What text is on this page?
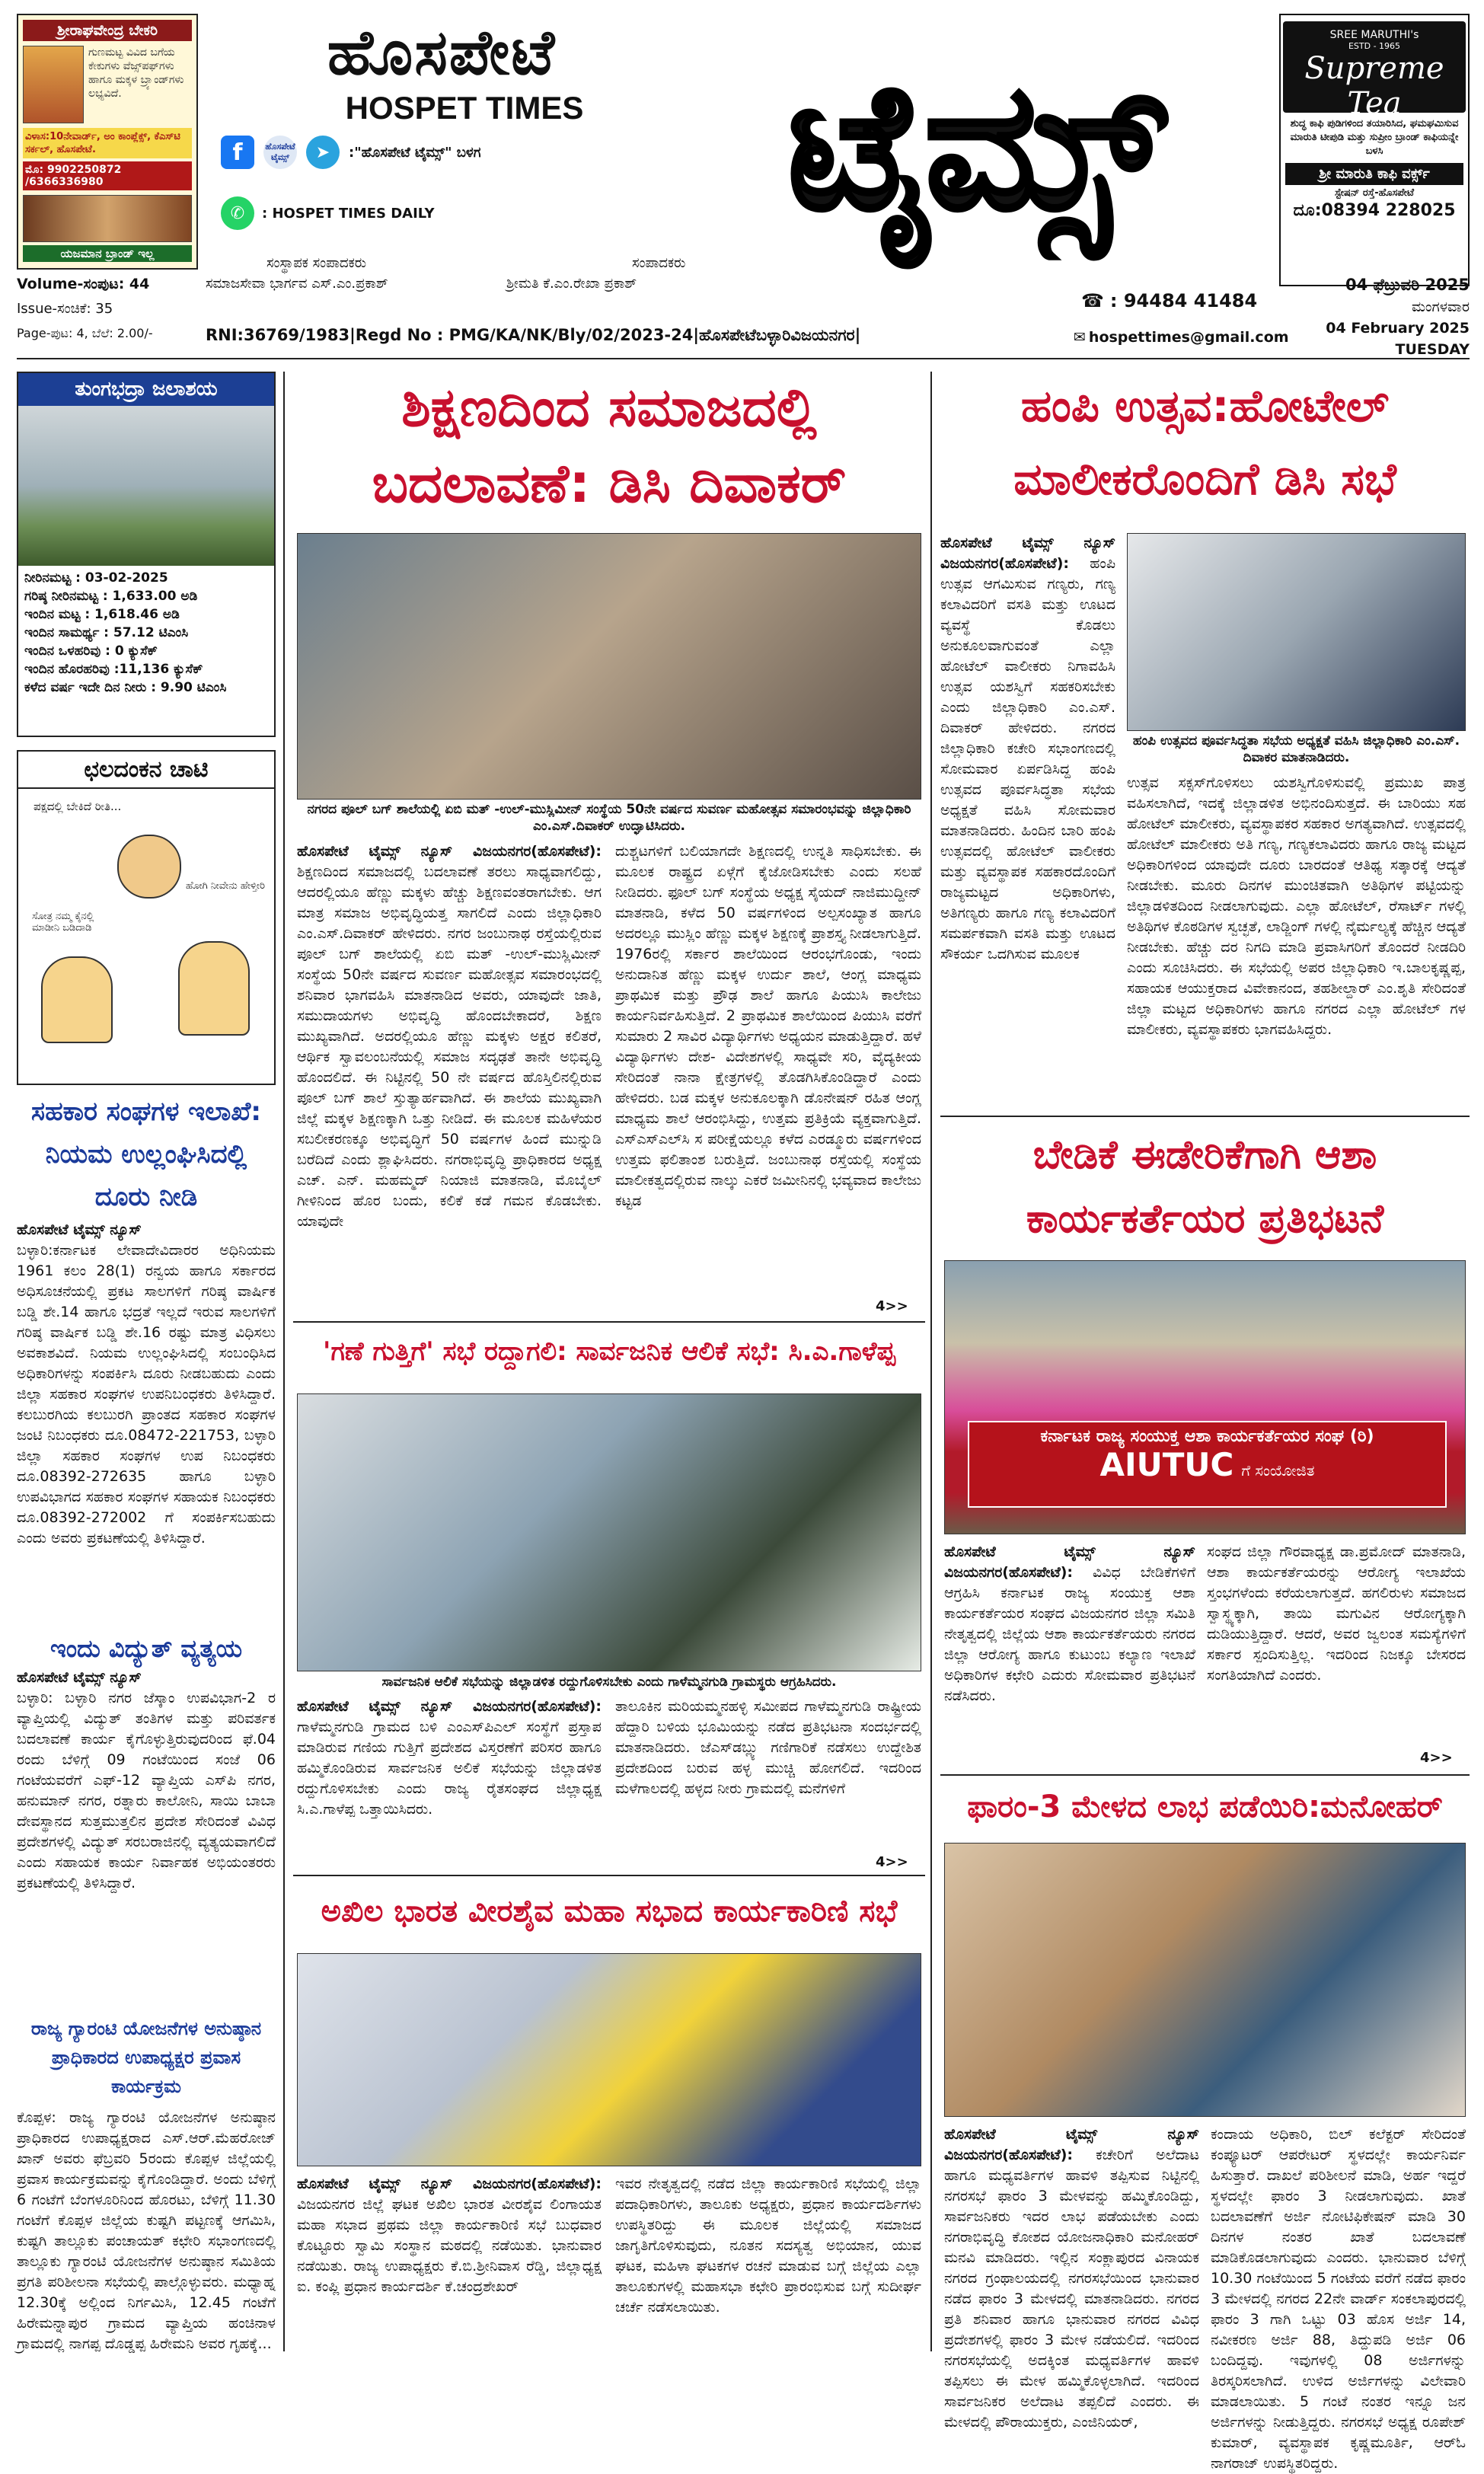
ಶ್ರೀರಾಘವೇಂದ್ರ ಬೇಕರಿ
ಗುಣಮಟ್ಟ ವಿವಿದ ಬಗೆಯ ಕೇಕುಗಳು ವೆಜ್ಸ್‌ಪಫ್‌ಗಳು ಹಾಗೂ ಮಕ್ಕಳ ಬ್ರ್ಯಾಂಡ್‌ಗಳು ಲಭ್ಯವಿದೆ.
ವಿಳಾಸ:10ನೇವಾರ್ಡ್, ಅಂ ಕಾಂಪ್ಲೆಕ್ಸ್, ಕೆಎಸ್‌ಟಿ ಸರ್ಕಲ್, ಹೊಸಪೇಟೆ.
ಮೊ: 9902250872 /6366336980
ಯಜಮಾನ ಬ್ರಾಂಡ್ ಇಲ್ಲ
ಹೊಸಪೇಟೆ
HOSPET TIMES
f	ಹೊಸಪೇಟೆ ಟೈಮ್ಸ್	➤	:"ಹೊಸಪೇಟೆ ಟೈಮ್ಸ್" ಬಳಗ
✆	: HOSPET TIMES DAILY	ಟೈಮ್ಸ್
ಸಂಸ್ಥಾಪಕ ಸಂಪಾದಕರು	ಸಂಪಾದಕರು
SREE MARUTHI's
ESTD - 1965
Supreme Tea
ಶುದ್ಧ ಕಾಫಿ ಪುಡಿಗಳಿಂದ ತಯಾರಿಸಿದ, ಘಮಘಮಿಸುವ ಮಾರುತಿ ಟೀಪುಡಿ ಮತ್ತು ಸುಪ್ರೀಂ ಬ್ರಾಂಡ್ ಕಾಫಿಯನ್ನೇ ಬಳಸಿ
ಶ್ರೀ ಮಾರುತಿ ಕಾಫಿ ವರ್ಕ್ಸ್
ಸ್ಟೇಷನ್ ರಸ್ತೆ-ಹೊಸಪೇಟೆ
ದೂ:08394 228025
Volume-ಸಂಪುಟ: 44	ಸಮಾಜಸೇವಾ ಭಾರ್ಗವ ಎಸ್.ಎಂ.ಪ್ರಕಾಶ್	ಶ್ರೀಮತಿ ಕೆ.ಎಂ.ರೇಖಾ ಪ್ರಕಾಶ್
☎ : 94484 41484
04 ಫೆಬ್ರುವರಿ 2025
ಮಂಗಳವಾರ
Issue-ಸಂಚಿಕೆ: 35
04 February 2025
Page-ಪುಟ: 4, ಬೆಲೆ: 2.00/-	RNI:36769/1983|Regd No : PMG/KA/NK/Bly/02/2023-24|ಹೊಸಪೇಟೆಬಳ್ಳಾರಿವಿಜಯನಗರ|	✉ hospettimes@gmail.com
TUESDAY
ತುಂಗಭದ್ರಾ ಜಲಾಶಯ
ನೀರಿನಮಟ್ಟ : 03-02-2025
ಗರಿಷ್ಠ ನೀರಿನಮಟ್ಟ : 1,633.00 ಅಡಿ
ಇಂದಿನ ಮಟ್ಟ : 1,618.46 ಅಡಿ
ಇಂದಿನ ಸಾಮರ್ಥ್ಯ : 57.12 ಟಿಎಂಸಿ
ಇಂದಿನ ಒಳಹರಿವು : 0 ಕ್ಯುಸೆಕ್
ಇಂದಿನ ಹೊರಹರಿವು :11,136 ಕ್ಯುಸೆಕ್
ಕಳೆದ ವರ್ಷ ಇದೇ ದಿನ ನೀರು : 9.90 ಟಿಎಂಸಿ
ಛಲದಂಕನ ಚಾಟಿ
ಪಕ್ಷದಲ್ಲಿ ಬೇಕಿದೆ ರೀತಿ...
ಸೋತ್ರ ನಮ್ಮ ಕೈನಲ್ಲಿ ಮಾಡೀನಿ ಬಡಿದಾಡಿ
ಹೋಗಿ ನೀವೇನು ಹೇಳ್ತೀರಿ
ಸಹಕಾರ ಸಂಘಗಳ ಇಲಾಖೆ: ನಿಯಮ ಉಲ್ಲಂಘಿಸಿದಲ್ಲಿ ದೂರು ನೀಡಿ
ಹೊಸಪೇಟೆ ಟೈಮ್ಸ್ ನ್ಯೂಸ್
ಬಳ್ಳಾರಿ:ಕರ್ನಾಟಕ ಲೇವಾದೇವಿದಾರರ ಅಧಿನಿಯಮ 1961 ಕಲಂ 28(1) ರನ್ವಯ ಹಾಗೂ ಸರ್ಕಾರದ ಅಧಿಸೂಚನೆಯಲ್ಲಿ ಪ್ರಕಟ ಸಾಲಗಳಿಗೆ ಗರಿಷ್ಠ ವಾರ್ಷಿಕ ಬಡ್ಡಿ ಶೇ.14 ಹಾಗೂ ಭದ್ರತೆ ಇಲ್ಲದೆ ಇರುವ ಸಾಲಗಳಿಗೆ ಗರಿಷ್ಠ ವಾರ್ಷಿಕ ಬಡ್ಡಿ ಶೇ.16 ರಷ್ಟು ಮಾತ್ರ ವಿಧಿಸಲು ಅವಕಾಶವಿದೆ. ನಿಯಮ ಉಲ್ಲಂಘಿಸಿದಲ್ಲಿ ಸಂಬಂಧಿಸಿದ ಅಧಿಕಾರಿಗಳನ್ನು ಸಂಪರ್ಕಿಸಿ ದೂರು ನೀಡಬಹುದು ಎಂದು ಜಿಲ್ಲಾ ಸಹಕಾರ ಸಂಘಗಳ ಉಪನಿಬಂಧಕರು ತಿಳಿಸಿದ್ದಾರೆ. ಕಲಬುರಗಿಯ ಕಲಬುರಗಿ ಪ್ರಾಂತದ ಸಹಕಾರ ಸಂಘಗಳ ಜಂಟಿ ನಿಬಂಧಕರು ದೂ.08472-221753, ಬಳ್ಳಾರಿ ಜಿಲ್ಲಾ ಸಹಕಾರ ಸಂಘಗಳ ಉಪ ನಿಬಂಧಕರು ದೂ.08392-272635 ಹಾಗೂ ಬಳ್ಳಾರಿ ಉಪವಿಭಾಗದ ಸಹಕಾರ ಸಂಘಗಳ ಸಹಾಯಕ ನಿಬಂಧಕರು ದೂ.08392-272002 ಗೆ ಸಂಪರ್ಕಿಸಬಹುದು ಎಂದು ಅವರು ಪ್ರಕಟಣೆಯಲ್ಲಿ ತಿಳಿಸಿದ್ದಾರೆ.
ಇಂದು ವಿದ್ಯುತ್ ವ್ಯತ್ಯಯ
ಹೊಸಪೇಟೆ ಟೈಮ್ಸ್ ನ್ಯೂಸ್
ಬಳ್ಳಾರಿ: ಬಳ್ಳಾರಿ ನಗರ ಜೆಸ್ಕಾಂ ಉಪವಿಭಾಗ-2 ರ ವ್ಯಾಪ್ತಿಯಲ್ಲಿ ವಿದ್ಯುತ್ ತಂತಿಗಳ ಮತ್ತು ಪರಿವರ್ತಕ ಬದಲಾವಣೆ ಕಾರ್ಯ ಕೈಗೊಳ್ಳುತ್ತಿರುವುದರಿಂದ ಫೆ.04 ರಂದು ಬೆಳಿಗ್ಗೆ 09 ಗಂಟೆಯಿಂದ ಸಂಜೆ 06 ಗಂಟೆಯವರೆಗೆ ಎಫ್-12 ವ್ಯಾಪ್ತಿಯ ಎಸ್‌ಪಿ ನಗರ, ಹನುಮಾನ್ ನಗರ, ರತ್ನಾರು ಕಾಲೋನಿ, ಸಾಯಿ ಬಾಬಾ ದೇವಸ್ಥಾನದ ಸುತ್ತಮುತ್ತಲಿನ ಪ್ರದೇಶ ಸೇರಿದಂತೆ ವಿವಿಧ ಪ್ರದೇಶಗಳಲ್ಲಿ ವಿದ್ಯುತ್ ಸರಬರಾಜಿನಲ್ಲಿ ವ್ಯತ್ಯಯವಾಗಲಿದೆ ಎಂದು ಸಹಾಯಕ ಕಾರ್ಯ ನಿರ್ವಾಹಕ ಅಭಿಯಂತರರು ಪ್ರಕಟಣೆಯಲ್ಲಿ ತಿಳಿಸಿದ್ದಾರೆ.
ರಾಜ್ಯ ಗ್ಯಾರಂಟಿ ಯೋಜನೆಗಳ ಅನುಷ್ಠಾನ ಪ್ರಾಧಿಕಾರದ ಉಪಾಧ್ಯಕ್ಷರ ಪ್ರವಾಸ ಕಾರ್ಯಕ್ರಮ
ಕೊಪ್ಪಳ: ರಾಜ್ಯ ಗ್ಯಾರಂಟಿ ಯೋಜನೆಗಳ ಅನುಷ್ಠಾನ ಪ್ರಾಧಿಕಾರದ ಉಪಾಧ್ಯಕ್ಷರಾದ ಎಸ್.ಆರ್.ಮೆಹರೋಜ್ ಖಾನ್ ಅವರು ಫೆಬ್ರವರಿ 5ರಂದು ಕೊಪ್ಪಳ ಜಿಲ್ಲೆಯಲ್ಲಿ ಪ್ರವಾಸ ಕಾರ್ಯಕ್ರಮವನ್ನು ಕೈಗೊಂಡಿದ್ದಾರೆ. ಅಂದು ಬೆಳಿಗ್ಗೆ 6 ಗಂಟೆಗೆ ಬೆಂಗಳೂರಿನಿಂದ ಹೊರಟು, ಬೆಳಿಗ್ಗೆ 11.30 ಗಂಟೆಗೆ ಕೊಪ್ಪಳ ಜಿಲ್ಲೆಯ ಕುಷ್ಟಗಿ ಪಟ್ಟಣಕ್ಕೆ ಆಗಮಿಸಿ, ಕುಷ್ಟಗಿ ತಾಲ್ಲೂಕು ಪಂಚಾಯತ್ ಕಛೇರಿ ಸಭಾಂಗಣದಲ್ಲಿ ತಾಲ್ಲೂಕು ಗ್ಯಾರಂಟಿ ಯೋಜನೆಗಳ ಅನುಷ್ಠಾನ ಸಮಿತಿಯ ಪ್ರಗತಿ ಪರಿಶೀಲನಾ ಸಭೆಯಲ್ಲಿ ಪಾಲ್ಗೊಳ್ಳುವರು. ಮಧ್ಯಾಹ್ನ 12.30ಕ್ಕೆ ಅಲ್ಲಿಂದ ನಿರ್ಗಮಿಸಿ, 12.45 ಗಂಟೆಗೆ ಹಿರೇಮನ್ನಾಪುರ ಗ್ರಾಮದ ವ್ಯಾಪ್ತಿಯ ಹಂಚಿನಾಳ ಗ್ರಾಮದಲ್ಲಿ ನಾಗಪ್ಪ ದೊಡ್ಡಪ್ಪ ಹಿರೇಮನಿ ಅವರ ಗೃಹಕ್ಕೆ...
ಶಿಕ್ಷಣದಿಂದ ಸಮಾಜದಲ್ಲಿ ಬದಲಾವಣೆ: ಡಿಸಿ ದಿವಾಕರ್
ನಗರದ ಪೂಲ್ ಬಗ್ ಶಾಲೆಯಲ್ಲಿ ಏಬಿ ಮತ್ -ಉಲ್-ಮುಸ್ಲಿಮೀನ್ ಸಂಸ್ಥೆಯ 50ನೇ ವರ್ಷದ ಸುವರ್ಣ ಮಹೋತ್ಸವ ಸಮಾರಂಭವನ್ನು ಜಿಲ್ಲಾಧಿಕಾರಿ ಎಂ.ಎಸ್.ದಿವಾಕರ್ ಉದ್ಘಾಟಿಸಿದರು.
ಹೊಸಪೇಟೆ ಟೈಮ್ಸ್ ನ್ಯೂಸ್ ವಿಜಯನಗರ(ಹೊಸಪೇಟೆ): ಶಿಕ್ಷಣದಿಂದ ಸಮಾಜದಲ್ಲಿ ಬದಲಾವಣೆ ತರಲು ಸಾಧ್ಯವಾಗಲಿದ್ದು, ಆದರಲ್ಲಿಯೂ ಹೆಣ್ಣು ಮಕ್ಕಳು ಹೆಚ್ಚು ಶಿಕ್ಷಣವಂತರಾಗಬೇಕು. ಆಗ ಮಾತ್ರ ಸಮಾಜ ಅಭಿವೃದ್ಧಿಯತ್ತ ಸಾಗಲಿದೆ ಎಂದು ಜಿಲ್ಲಾಧಿಕಾರಿ ಎಂ.ಎಸ್.ದಿವಾಕರ್ ಹೇಳಿದರು. ನಗರ ಜಂಬುನಾಥ ರಸ್ತೆಯಲ್ಲಿರುವ ಪೂಲ್ ಬಗ್ ಶಾಲೆಯಲ್ಲಿ ಏಬಿ ಮತ್ -ಉಲ್-ಮುಸ್ಲಿಮೀನ್ ಸಂಸ್ಥೆಯ 50ನೇ ವರ್ಷದ ಸುವರ್ಣ ಮಹೋತ್ಸವ ಸಮಾರಂಭದಲ್ಲಿ ಶನಿವಾರ ಭಾಗವಹಿಸಿ ಮಾತನಾಡಿದ ಅವರು, ಯಾವುದೇ ಜಾತಿ, ಸಮುದಾಯಗಳು ಅಭಿವೃದ್ಧಿ ಹೊಂದಬೇಕಾದರೆ, ಶಿಕ್ಷಣ ಮುಖ್ಯವಾಗಿದೆ. ಅದರಲ್ಲಿಯೂ ಹೆಣ್ಣು ಮಕ್ಕಳು ಅಕ್ಷರ ಕಲಿತರೆ, ಆರ್ಥಿಕ ಸ್ವಾವಲಂಬನೆಯಲ್ಲಿ ಸಮಾಜ ಸದೃಢತೆ ತಾನೇ ಅಭಿವೃದ್ಧಿ ಹೊಂದಲಿದೆ. ಈ ನಿಟ್ಟಿನಲ್ಲಿ 50 ನೇ ವರ್ಷದ ಹೊಸ್ತಿಲಿನಲ್ಲಿರುವ ಪೂಲ್ ಬಗ್ ಶಾಲೆ ಸ್ತುತ್ಯಾರ್ಹವಾಗಿದೆ. ಈ ಶಾಲೆಯ ಮುಖ್ಯವಾಗಿ ಜಿಲ್ಲೆ ಮಕ್ಕಳ ಶಿಕ್ಷಣಕ್ಕಾಗಿ ಒತ್ತು ನೀಡಿದೆ. ಈ ಮೂಲಕ ಮಹಿಳೆಯರ ಸಬಲೀಕರಣಕ್ಕೂ ಅಭಿವೃದ್ಧಿಗೆ 50 ವರ್ಷಗಳ ಹಿಂದೆ ಮುನ್ನುಡಿ ಬರೆದಿದೆ ಎಂದು ಶ್ಲಾಘಿಸಿದರು. ನಗರಾಭಿವೃದ್ಧಿ ಪ್ರಾಧಿಕಾರದ ಅಧ್ಯಕ್ಷ ಎಚ್. ಎನ್. ಮಹಮ್ಮದ್ ನಿಯಾಜಿ ಮಾತನಾಡಿ, ಮೊಬೈಲ್ ಗೀಳಿನಿಂದ ಹೊರ ಬಂದು, ಕಲಿಕೆ ಕಡೆ ಗಮನ ಕೊಡಬೇಕು. ಯಾವುದೇ
ದುಶ್ಚಟಗಳಿಗೆ ಬಲಿಯಾಗದೇ ಶಿಕ್ಷಣದಲ್ಲಿ ಉನ್ನತಿ ಸಾಧಿಸಬೇಕು. ಈ ಮೂಲಕ ರಾಷ್ಟ್ರದ ಏಳ್ಗೆಗೆ ಕೈಜೋಡಿಸಬೇಕು ಎಂದು ಸಲಹೆ ನೀಡಿದರು. ಫೂಲ್ ಬಗ್ ಸಂಸ್ಥೆಯ ಅಧ್ಯಕ್ಷ ಸೈಯದ್ ನಾಜಿಮುದ್ದೀನ್ ಮಾತನಾಡಿ, ಕಳೆದ 50 ವರ್ಷಗಳಿಂದ ಅಲ್ಪಸಂಖ್ಯಾತ ಹಾಗೂ ಅದರಲ್ಲೂ ಮುಸ್ಲಿಂ ಹೆಣ್ಣು ಮಕ್ಕಳ ಶಿಕ್ಷಣಕ್ಕೆ ಪ್ರಾಶಸ್ತ್ಯ ನೀಡಲಾಗುತ್ತಿದೆ. 1976ರಲ್ಲಿ ಸರ್ಕಾರ ಶಾಲೆಯಿಂದ ಆರಂಭಗೊಂಡು, ಇಂದು ಅನುದಾನಿತ ಹೆಣ್ಣು ಮಕ್ಕಳ ಉರ್ದು ಶಾಲೆ, ಆಂಗ್ಲ ಮಾಧ್ಯಮ ಪ್ರಾಥಮಿಕ ಮತ್ತು ಪ್ರೌಢ ಶಾಲೆ ಹಾಗೂ ಪಿಯುಸಿ ಕಾಲೇಜು ಕಾರ್ಯನಿರ್ವಹಿಸುತ್ತಿದೆ. 2 ಪ್ರಾಥಮಿಕ ಶಾಲೆಯಿಂದ ಪಿಯುಸಿ ವರೆಗೆ ಸುಮಾರು 2 ಸಾವಿರ ವಿದ್ಯಾರ್ಥಿಗಳು ಅಧ್ಯಯನ ಮಾಡುತ್ತಿದ್ದಾರೆ. ಹಳೆ ವಿದ್ಯಾರ್ಥಿಗಳು ದೇಶ- ವಿದೇಶಗಳಲ್ಲಿ ಸಾಧ್ಯವೇ ಸರಿ, ವೈದ್ಯಕೀಯ ಸೇರಿದಂತೆ ನಾನಾ ಕ್ಷೇತ್ರಗಳಲ್ಲಿ ತೊಡಗಿಸಿಕೊಂಡಿದ್ದಾರೆ ಎಂದು ಹೇಳಿದರು. ಬಡ ಮಕ್ಕಳ ಅನುಕೂಲಕ್ಕಾಗಿ ಡೊನೇಷನ್ ರಹಿತ ಆಂಗ್ಲ ಮಾಧ್ಯಮ ಶಾಲೆ ಆರಂಭಿಸಿದ್ದು, ಉತ್ತಮ ಪ್ರತಿಕ್ರಿಯೆ ವ್ಯಕ್ತವಾಗುತ್ತಿದೆ. ಎಸ್‌ಎಸ್‌ಎಲ್‌ಸಿ ಸ ಪರೀಕ್ಷೆಯಲ್ಲೂ ಕಳೆದ ಎರಡ್ಮೂರು ವರ್ಷಗಳಿಂದ ಉತ್ತಮ ಫಲಿತಾಂಶ ಬರುತ್ತಿದೆ. ಜಂಬುನಾಥ ರಸ್ತೆಯಲ್ಲಿ ಸಂಸ್ಥೆಯ ಮಾಲೀಕತ್ವದಲ್ಲಿರುವ ನಾಲ್ಕು ಎಕರೆ ಜಮೀನಿನಲ್ಲಿ ಭವ್ಯವಾದ ಕಾಲೇಜು ಕಟ್ಟಡ
4>>
'ಗಣೆ ಗುತ್ತಿಗೆ' ಸಭೆ ರದ್ದಾಗಲಿ: ಸಾರ್ವಜನಿಕ ಆಲಿಕೆ ಸಭೆ: ಸಿ.ಎ.ಗಾಳೆಪ್ಪ
ಸಾರ್ವಜನಿಕ ಆಲಿಕೆ ಸಭೆಯನ್ನು ಜಿಲ್ಲಾಡಳಿತ ರದ್ದುಗೊಳಿಸಬೇಕು ಎಂದು ಗಾಳೆಮ್ಮನಗುಡಿ ಗ್ರಾಮಸ್ಥರು ಆಗ್ರಹಿಸಿದರು.
ಹೊಸಪೇಟೆ ಟೈಮ್ಸ್ ನ್ಯೂಸ್ ವಿಜಯನಗರ(ಹೊಸಪೇಟೆ): ಗಾಳೆಮ್ಮನಗುಡಿ ಗ್ರಾಮದ ಬಳಿ ಎಂಎಸ್‌ಪಿಎಲ್ ಸಂಸ್ಥೆಗೆ ಪ್ರಸ್ತಾಪ ಮಾಡಿರುವ ಗಣಿಯ ಗುತ್ತಿಗೆ ಪ್ರದೇಶದ ವಿಸ್ತರಣೆಗೆ ಪರಿಸರ ಹಾಗೂ ಹಮ್ಮಿಕೊಂಡಿರುವ ಸಾರ್ವಜನಿಕ ಅಲಿಕೆ ಸಭೆಯನ್ನು ಜಿಲ್ಲಾಡಳಿತ ರದ್ದುಗೊಳಿಸಬೇಕು ಎಂದು ರಾಜ್ಯ ರೈತಸಂಘದ ಜಿಲ್ಲಾಧ್ಯಕ್ಷ ಸಿ.ಎ.ಗಾಳೆಪ್ಪ ಒತ್ತಾಯಿಸಿದರು.
ತಾಲೂಕಿನ ಮರಿಯಮ್ಮನಹಳ್ಳಿ ಸಮೀಪದ ಗಾಳೆಮ್ಮನಗುಡಿ ರಾಷ್ಟ್ರೀಯ ಹೆದ್ದಾರಿ ಬಳಿಯ ಭೂಮಿಯನ್ನು ನಡೆದ ಪ್ರತಿಭಟನಾ ಸಂದರ್ಭದಲ್ಲಿ ಮಾತನಾಡಿದರು. ಜೆಎಸ್‌ಡಬ್ಲ್ಯು ಗಣಿಗಾರಿಕೆ ನಡೆಸಲು ಉದ್ದೇಶಿತ ಪ್ರದೇಶದಿಂದ ಬರುವ ಹಳ್ಳ ಮುಚ್ಚಿ ಹೋಗಲಿದೆ. ಇದರಿಂದ ಮಳೆಗಾಲದಲ್ಲಿ ಹಳ್ಳದ ನೀರು ಗ್ರಾಮದಲ್ಲಿ ಮನೆಗಳಿಗೆ
4>>
ಅಖಿಲ ಭಾರತ ವೀರಶೈವ ಮಹಾ ಸಭಾದ ಕಾರ್ಯಕಾರಿಣಿ ಸಭೆ
ಹೊಸಪೇಟೆ ಟೈಮ್ಸ್ ನ್ಯೂಸ್ ವಿಜಯನಗರ(ಹೊಸಪೇಟೆ): ವಿಜಯನಗರ ಜಿಲ್ಲೆ ಘಟಕ ಅಖಿಲ ಭಾರತ ವೀರಶೈವ ಲಿಂಗಾಯತ ಮಹಾ ಸಭಾದ ಪ್ರಥಮ ಜಿಲ್ಲಾ ಕಾರ್ಯಕಾರಿಣಿ ಸಭೆ ಬುಧವಾರ ಕೊಟ್ಟೂರು ಸ್ವಾಮಿ ಸಂಸ್ಥಾನ ಮಠದಲ್ಲಿ ನಡೆಯಿತು. ಭಾನುವಾರ ನಡೆಯಿತು. ರಾಜ್ಯ ಉಪಾಧ್ಯಕ್ಷರು ಕೆ.ಬಿ.ಶ್ರೀನಿವಾಸ ರೆಡ್ಡಿ, ಜಿಲ್ಲಾಧ್ಯಕ್ಷ ಐ. ಕಂಪ್ಲಿ ಪ್ರಧಾನ ಕಾರ್ಯದರ್ಶಿ ಕೆ.ಚಂದ್ರಶೇಖರ್
ಇವರ ನೇತೃತ್ವದಲ್ಲಿ ನಡೆದ ಜಿಲ್ಲಾ ಕಾರ್ಯಕಾರಿಣಿ ಸಭೆಯಲ್ಲಿ ಜಿಲ್ಲಾ ಪದಾಧಿಕಾರಿಗಳು, ತಾಲೂಕು ಅಧ್ಯಕ್ಷರು, ಪ್ರಧಾನ ಕಾರ್ಯದರ್ಶಿಗಳು ಉಪಸ್ಥಿತರಿದ್ದು ಈ ಮೂಲಕ ಜಿಲ್ಲೆಯಲ್ಲಿ ಸಮಾಜದ ಜಾಗೃತಿಗೊಳಿಸುವುದು, ನೂತನ ಸದಸ್ಯತ್ವ ಅಭಿಯಾನ, ಯುವ ಘಟಕ, ಮಹಿಳಾ ಘಟಕಗಳ ರಚನೆ ಮಾಡುವ ಬಗ್ಗೆ ಜಿಲ್ಲೆಯ ಎಲ್ಲಾ ತಾಲೂಕುಗಳಲ್ಲಿ ಮಹಾಸಭಾ ಕಛೇರಿ ಪ್ರಾರಂಭಿಸುವ ಬಗ್ಗೆ ಸುದೀರ್ಘ ಚರ್ಚೆ ನಡೆಸಲಾಯಿತು.
ಹಂಪಿ ಉತ್ಸವ:ಹೋಟೇಲ್ ಮಾಲೀಕರೊಂದಿಗೆ ಡಿಸಿ ಸಭೆ
ಹೊಸಪೇಟೆ ಟೈಮ್ಸ್ ನ್ಯೂಸ್ ವಿಜಯನಗರ(ಹೊಸಪೇಟೆ): ಹಂಪಿ ಉತ್ಸವ ಆಗಮಿಸುವ ಗಣ್ಯರು, ಗಣ್ಯ ಕಲಾವಿದರಿಗೆ ವಸತಿ ಮತ್ತು ಊಟದ ವ್ಯವಸ್ಥೆ ಕೊಡಲು ಅನುಕೂಲವಾಗುವಂತೆ ಎಲ್ಲಾ ಹೋಟೆಲ್ ವಾಲೀಕರು ನಿಗಾವಹಿಸಿ ಉತ್ಸವ ಯಶಸ್ವಿಗೆ ಸಹಕರಿಸಬೇಕು ಎಂದು ಜಿಲ್ಲಾಧಿಕಾರಿ ಎಂ.ಎಸ್. ದಿವಾಕರ್ ಹೇಳಿದರು. ನಗರದ ಜಿಲ್ಲಾಧಿಕಾರಿ ಕಚೇರಿ ಸಭಾಂಗಣದಲ್ಲಿ ಸೋಮವಾರ ಏರ್ಪಡಿಸಿದ್ದ ಹಂಪಿ ಉತ್ಸವದ ಪೂರ್ವಸಿದ್ಧತಾ ಸಭೆಯ ಅಧ್ಯಕ್ಷತೆ ವಹಿಸಿ ಸೋಮವಾರ ಮಾತನಾಡಿದರು. ಹಿಂದಿನ ಬಾರಿ ಹಂಪಿ ಉತ್ಸವದಲ್ಲಿ ಹೋಟೆಲ್ ವಾಲೀಕರು ಮತ್ತು ವ್ಯವಸ್ಥಾಪಕ ಸಹಕಾರದೊಂದಿಗೆ ರಾಜ್ಯಮಟ್ಟದ ಅಧಿಕಾರಿಗಳು, ಅತಿಗಣ್ಯರು ಹಾಗೂ ಗಣ್ಯ ಕಲಾವಿದರಿಗೆ ಸಮರ್ಪಕವಾಗಿ ವಸತಿ ಮತ್ತು ಊಟದ ಸೌಕರ್ಯ ಒದಗಿಸುವ ಮೂಲಕ
ಹಂಪಿ ಉತ್ಸವದ ಪೂರ್ವಸಿದ್ಧತಾ ಸಭೆಯ ಅಧ್ಯಕ್ಷತೆ ವಹಿಸಿ ಜಿಲ್ಲಾಧಿಕಾರಿ ಎಂ.ಎಸ್. ದಿವಾಕರ ಮಾತನಾಡಿದರು.
ಉತ್ಸವ ಸಕ್ಸಸ್‌ಗೊಳಿಸಲು ಯಶಸ್ವಿಗೊಳಿಸುವಲ್ಲಿ ಪ್ರಮುಖ ಪಾತ್ರ ವಹಿಸಲಾಗಿದೆ, ಇದಕ್ಕೆ ಜಿಲ್ಲಾಡಳಿತ ಅಭಿನಂದಿಸುತ್ತದೆ. ಈ ಬಾರಿಯು ಸಹ ಹೋಟೆಲ್ ಮಾಲೀಕರು, ವ್ಯವಸ್ಥಾಪಕರ ಸಹಕಾರ ಅಗತ್ಯವಾಗಿದೆ. ಉತ್ಸವದಲ್ಲಿ ಹೋಟೆಲ್ ಮಾಲೀಕರು ಅತಿ ಗಣ್ಯ, ಗಣ್ಯಕಲಾವಿದರು ಹಾಗೂ ರಾಜ್ಯ ಮಟ್ಟದ ಅಧಿಕಾರಿಗಳಿಂದ ಯಾವುದೇ ದೂರು ಬಾರದಂತೆ ಆತಿಥ್ಯ ಸತ್ಕಾರಕ್ಕೆ ಆದ್ಯತೆ ನೀಡಬೇಕು. ಮೂರು ದಿನಗಳ ಮುಂಚಿತವಾಗಿ ಅತಿಥಿಗಳ ಪಟ್ಟಿಯನ್ನು ಜಿಲ್ಲಾಡಳಿತದಿಂದ ನೀಡಲಾಗುವುದು. ಎಲ್ಲಾ ಹೋಟೆಲ್, ರೆಸಾರ್ಟ್ ಗಳಲ್ಲಿ ಅತಿಥಿಗಳ ಕೊಠಡಿಗಳ ಸ್ವಚ್ಛತೆ, ಲಾಡ್ಜಿಂಗ್ ಗಳಲ್ಲಿ ನೈರ್ಮಲ್ಯಕ್ಕೆ ಹೆಚ್ಚಿನ ಆದ್ಯತೆ ನೀಡಬೇಕು. ಹೆಚ್ಚು ದರ ನಿಗದಿ ಮಾಡಿ ಪ್ರವಾಸಿಗರಿಗೆ ತೊಂದರೆ ನೀಡದಿರಿ ಎಂದು ಸೂಚಿಸಿದರು. ಈ ಸಭೆಯಲ್ಲಿ ಅಪರ ಜಿಲ್ಲಾಧಿಕಾರಿ ಇ.ಬಾಲಕೃಷ್ಣಪ್ಪ, ಸಹಾಯಕ ಆಯುಕ್ತರಾದ ವಿವೇಕಾನಂದ, ತಹಶೀಲ್ದಾರ್ ಎಂ.ಶೃತಿ ಸೇರಿದಂತೆ ಜಿಲ್ಲಾ ಮಟ್ಟದ ಅಧಿಕಾರಿಗಳು ಹಾಗೂ ನಗರದ ಎಲ್ಲಾ ಹೋಟೆಲ್ ಗಳ ಮಾಲೀಕರು, ವ್ಯವಸ್ಥಾಪಕರು ಭಾಗವಹಿಸಿದ್ದರು.
ಬೇಡಿಕೆ ಈಡೇರಿಕೆಗಾಗಿ ಆಶಾ ಕಾರ್ಯಕರ್ತೆಯರ ಪ್ರತಿಭಟನೆ
ಕರ್ನಾಟಕ ರಾಜ್ಯ ಸಂಯುಕ್ತ ಆಶಾ ಕಾರ್ಯಕರ್ತೆಯರ ಸಂಘ (ರಿ)
AIUTUC ಗೆ ಸಂಯೋಜಿತ
ಹೊಸಪೇಟೆ ಟೈಮ್ಸ್ ನ್ಯೂಸ್ ವಿಜಯನಗರ(ಹೊಸಪೇಟೆ): ವಿವಿಧ ಬೇಡಿಕೆಗಳಿಗೆ ಆಗ್ರಹಿಸಿ ಕರ್ನಾಟಕ ರಾಜ್ಯ ಸಂಯುಕ್ತ ಆಶಾ ಕಾರ್ಯಕರ್ತೆಯರ ಸಂಘದ ವಿಜಯನಗರ ಜಿಲ್ಲಾ ಸಮಿತಿ ನೇತೃತ್ವದಲ್ಲಿ ಜಿಲ್ಲೆಯ ಆಶಾ ಕಾರ್ಯಕರ್ತೆಯರು ನಗರದ ಜಿಲ್ಲಾ ಆರೋಗ್ಯ ಹಾಗೂ ಕುಟುಂಬ ಕಲ್ಯಾಣ ಇಲಾಖೆ ಅಧಿಕಾರಿಗಳ ಕಛೇರಿ ಎದುರು ಸೋಮವಾರ ಪ್ರತಿಭಟನೆ ನಡೆಸಿದರು.
ಸಂಘದ ಜಿಲ್ಲಾ ಗೌರವಾಧ್ಯಕ್ಷ ಡಾ.ಪ್ರಮೋದ್ ಮಾತನಾಡಿ, ಆಶಾ ಕಾರ್ಯಕರ್ತೆಯರನ್ನು ಆರೋಗ್ಯ ಇಲಾಖೆಯ ಸ್ತಂಭಗಳೆಂದು ಕರೆಯಲಾಗುತ್ತದೆ. ಹಗಲಿರುಳು ಸಮಾಜದ ಸ್ವಾಸ್ಥ್ಯಕ್ಕಾಗಿ, ತಾಯಿ ಮಗುವಿನ ಆರೋಗ್ಯಕ್ಕಾಗಿ ದುಡಿಯುತ್ತಿದ್ದಾರೆ. ಆದರೆ, ಅವರ ಜ್ವಲಂತ ಸಮಸ್ಯೆಗಳಿಗೆ ಸರ್ಕಾರ ಸ್ಪಂದಿಸುತ್ತಿಲ್ಲ. ಇದರಿಂದ ನಿಜಕ್ಕೂ ಬೇಸರದ ಸಂಗತಿಯಾಗಿದೆ ಎಂದರು.
4>>
ಫಾರಂ-3 ಮೇಳದ ಲಾಭ ಪಡೆಯಿರಿ:ಮನೋಹರ್
ಹೊಸಪೇಟೆ ಟೈಮ್ಸ್ ನ್ಯೂಸ್ ವಿಜಯನಗರ(ಹೊಸಪೇಟೆ): ಕಚೇರಿಗೆ ಅಲೆದಾಟ ಹಾಗೂ ಮಧ್ಯವರ್ತಿಗಳ ಹಾವಳಿ ತಪ್ಪಿಸುವ ನಿಟ್ಟಿನಲ್ಲಿ ನಗರಸಭೆ ಫಾರಂ 3 ಮೇಳವನ್ನು ಹಮ್ಮಿಕೊಂಡಿದ್ದು, ಸಾರ್ವಜನಿಕರು ಇದರ ಲಾಭ ಪಡೆಯಬೇಕು ಎಂದು ನಗರಾಭಿವೃದ್ಧಿ ಕೋಶದ ಯೋಜನಾಧಿಕಾರಿ ಮನೋಹರ್ ಮನವಿ ಮಾಡಿದರು. ಇಲ್ಲಿನ ಸಂಕ್ಲಾಪುರದ ವಿನಾಯಕ ನಗರದ ಗ್ರಂಥಾಲಯದಲ್ಲಿ ನಗರಸಭೆಯಿಂದ ಭಾನುವಾರ ನಡೆದ ಫಾರಂ 3 ಮೇಳದಲ್ಲಿ ಮಾತನಾಡಿದರು. ನಗರದ ಪ್ರತಿ ಶನಿವಾರ ಹಾಗೂ ಭಾನುವಾರ ನಗರದ ವಿವಿಧ ಪ್ರದೇಶಗಳಲ್ಲಿ ಫಾರಂ 3 ಮೇಳ ನಡೆಯಲಿದೆ. ಇದರಿಂದ ನಗರಸಭೆಯಲ್ಲಿ ಅದಕ್ಕಿಂತ ಮಧ್ಯವರ್ತಿಗಳ ಹಾವಳಿ ತಪ್ಪಿಸಲು ಈ ಮೇಳ ಹಮ್ಮಿಕೊಳ್ಳಲಾಗಿದೆ. ಇದರಿಂದ ಸಾರ್ವಜನಿಕರ ಅಲೆದಾಟ ತಪ್ಪಲಿದೆ ಎಂದರು. ಈ ಮೇಳದಲ್ಲಿ ಪೌರಾಯುಕ್ತರು, ಎಂಜಿನಿಯರ್,
ಕಂದಾಯ ಅಧಿಕಾರಿ, ಬಿಲ್ ಕಲೆಕ್ಟರ್ ಸೇರಿದಂತೆ ಕಂಪ್ಯೂಟರ್ ಆಪರೇಟರ್ ಸ್ಥಳದಲ್ಲೇ ಕಾರ್ಯನಿರ್ವ ಹಿಸುತ್ತಾರೆ. ದಾಖಲೆ ಪರಿಶೀಲನೆ ಮಾಡಿ, ಅರ್ಹ ಇದ್ದರೆ ಸ್ಥಳದಲ್ಲೇ ಫಾರಂ 3 ನೀಡಲಾಗುವುದು. ಖಾತೆ ಬದಲಾವಣೆಗೆ ಅರ್ಜಿ ನೋಟಿಫಿಕೇಷನ್ ಮಾಡಿ 30 ದಿನಗಳ ನಂತರ ಖಾತೆ ಬದಲಾವಣೆ ಮಾಡಿಕೊಡಲಾಗುವುದು ಎಂದರು. ಭಾನುವಾರ ಬೆಳಿಗ್ಗೆ 10.30 ಗಂಟೆಯಿಂದ 5 ಗಂಟೆಯ ವರೆಗೆ ನಡೆದ ಫಾರಂ 3 ಮೇಳದಲ್ಲಿ ನಗರದ 22ನೇ ವಾರ್ಡ್ ಸಂಕಲಾಪುರದಲ್ಲಿ ಫಾರಂ 3 ಗಾಗಿ ಒಟ್ಟು 03 ಹೊಸ ಅರ್ಜಿ 14, ನವೀಕರಣ ಅರ್ಜಿ 88, ತಿದ್ದುಪಡಿ ಅರ್ಜಿ 06 ಬಂದಿದ್ದವು. ಇವುಗಳಲ್ಲಿ 08 ಅರ್ಜಿಗಳನ್ನು ತಿರಸ್ಕರಿಸಲಾಗಿದೆ. ಉಳಿದ ಅರ್ಜಿಗಳನ್ನು ವಿಲೇವಾರಿ ಮಾಡಲಾಯಿತು. 5 ಗಂಟೆ ನಂತರ ಇನ್ನೂ ಜನ ಅರ್ಜಿಗಳನ್ನು ನೀಡುತ್ತಿದ್ದರು. ನಗರಸಭೆ ಅಧ್ಯಕ್ಷ ರೂಪೇಶ್ ಕುಮಾರ್, ವ್ಯವಸ್ಥಾಪಕ ಕೃಷ್ಣಮೂರ್ತಿ, ಆರ್‌ಓ ನಾಗರಾಜ್ ಉಪಸ್ಥಿತರಿದ್ದರು.
